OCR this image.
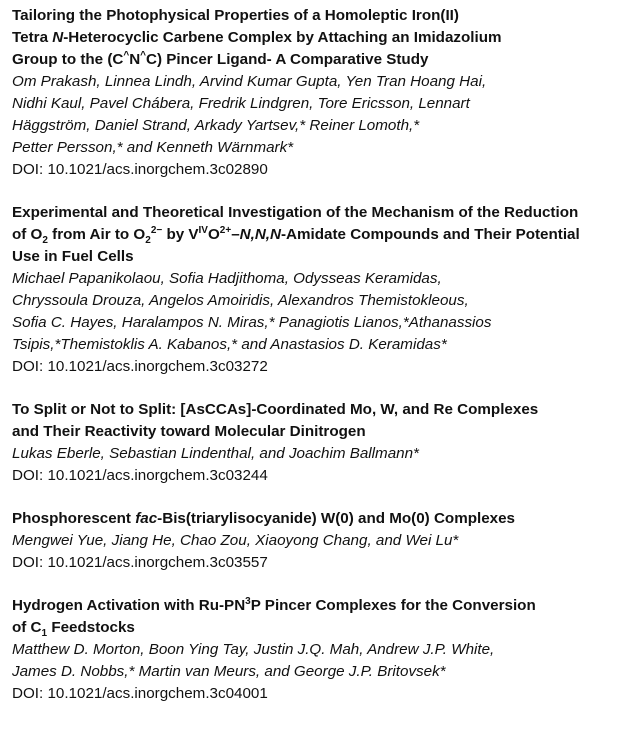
Tailoring the Photophysical Properties of a Homoleptic Iron(II)
Tetra N-Heterocyclic Carbene Complex by Attaching an Imidazolium
Group to the (C^N^C) Pincer Ligand- A Comparative Study
Om Prakash, Linnea Lindh, Arvind Kumar Gupta, Yen Tran Hoang Hai,
Nidhi Kaul, Pavel Chábera, Fredrik Lindgren, Tore Ericsson, Lennart
Häggström, Daniel Strand, Arkady Yartsev,* Reiner Lomoth,*
Petter Persson,* and Kenneth Wärnmark*
DOI: 10.1021/acs.inorgchem.3c02890
Experimental and Theoretical Investigation of the Mechanism of the Reduction
of $O_2$ from Air to $O_2^{2-}$ by $V^{IV}O^{2+}-N,N,N$-Amidate Compounds and Their Potential
Use in Fuel Cells
Michael Papanikolaou, Sofia Hadjithoma, Odysseas Keramidas,
Chryssoula Drouza, Angelos Amoiridis, Alexandros Themistokleous,
Sofia C. Hayes, Haralampos N. Miras,* Panagiotis Lianos,*Athanassios
Tsipis,*Themistoklis A. Kabanos,* and Anastasios D. Keramidas*
DOI: 10.1021/acs.inorgchem.3c03272
To Split or Not to Split: [AsCCAs]-Coordinated Mo, W, and Re Complexes
and Their Reactivity toward Molecular Dinitrogen
Lukas Eberle, Sebastian Lindenthal, and Joachim Ballmann*
DOI: 10.1021/acs.inorgchem.3c03244
Phosphorescent fac-Bis(triarylisocyanide) W(0) and Mo(0) Complexes
Mengwei Yue, Jiang He, Chao Zou, Xiaoyong Chang, and Wei Lu*
DOI: 10.1021/acs.inorgchem.3c03557
Hydrogen Activation with $Ru-PN^3P$ Pincer Complexes for the Conversion
of $C_1$ Feedstocks
Matthew D. Morton, Boon Ying Tay, Justin J.Q. Mah, Andrew J.P. White,
James D. Nobbs,* Martin van Meurs, and George J.P. Britovsek*
DOI: 10.1021/acs.inorgchem.3c04001
